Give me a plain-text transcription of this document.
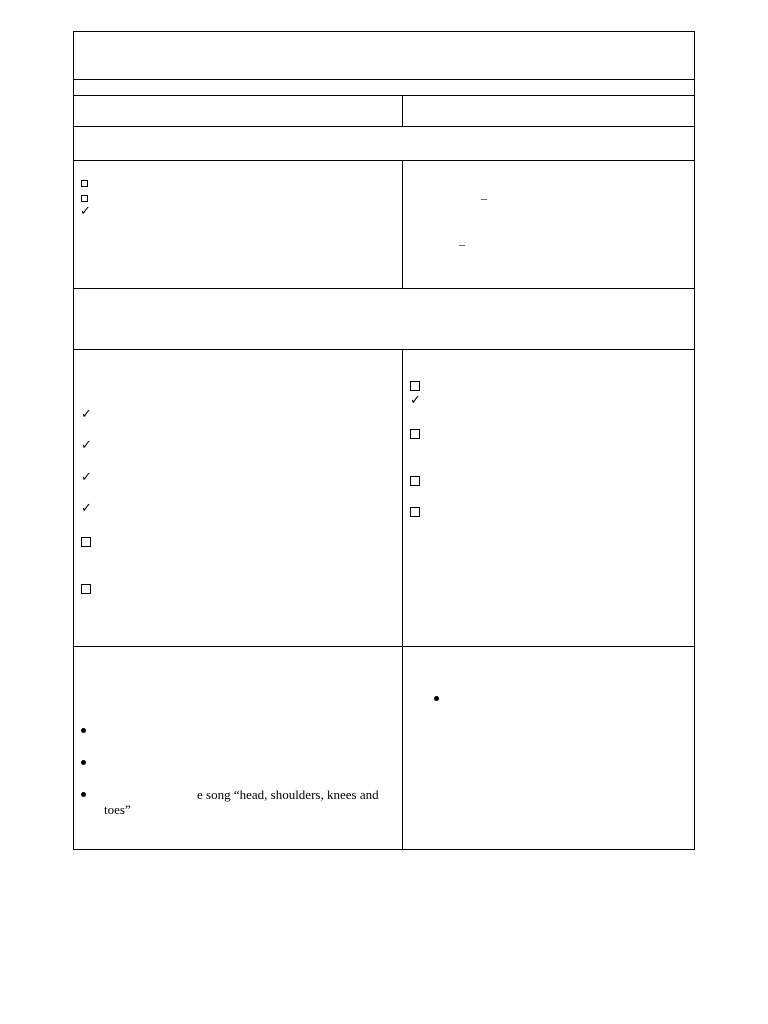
✓
–
–
✓
✓
✓
✓
✓
e song “head, shoulders, knees and
toes”
